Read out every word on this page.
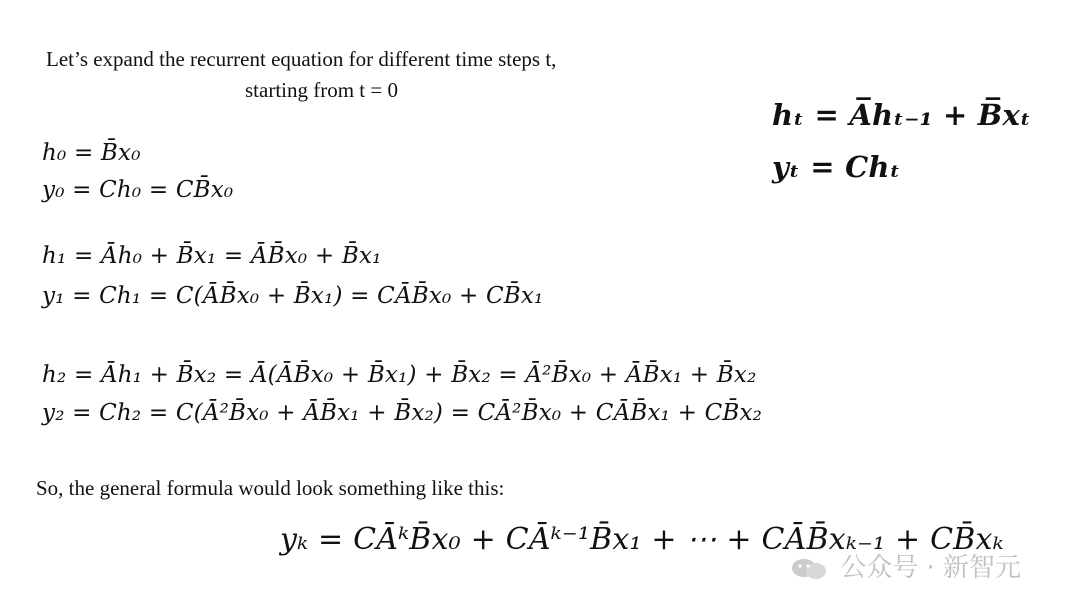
Let’s expand the recurrent equation for different time steps t,
starting from t = 0
hₜ = A̅hₜ₋₁ + B̅xₜ
yₜ = Chₜ
h₀ = B̄x₀
y₀ = Ch₀ = CB̄x₀
h₁ = Āh₀ + B̄x₁ = ĀB̄x₀ + B̄x₁
y₁ = Ch₁ = C(ĀB̄x₀ + B̄x₁) = CĀB̄x₀ + CB̄x₁
h₂ = Āh₁ + B̄x₂ = Ā(ĀB̄x₀ + B̄x₁) + B̄x₂ = Ā²B̄x₀ + ĀB̄x₁ + B̄x₂
y₂ = Ch₂ = C(Ā²B̄x₀ + ĀB̄x₁ + B̄x₂) = CĀ²B̄x₀ + CĀB̄x₁ + CB̄x₂
So, the general formula would look something like this:
yₖ = CĀᵏB̄x₀ + CĀᵏ⁻¹B̄x₁ + ⋯ + CĀB̄xₖ₋₁ + CB̄xₖ
公众号 · 新智元
